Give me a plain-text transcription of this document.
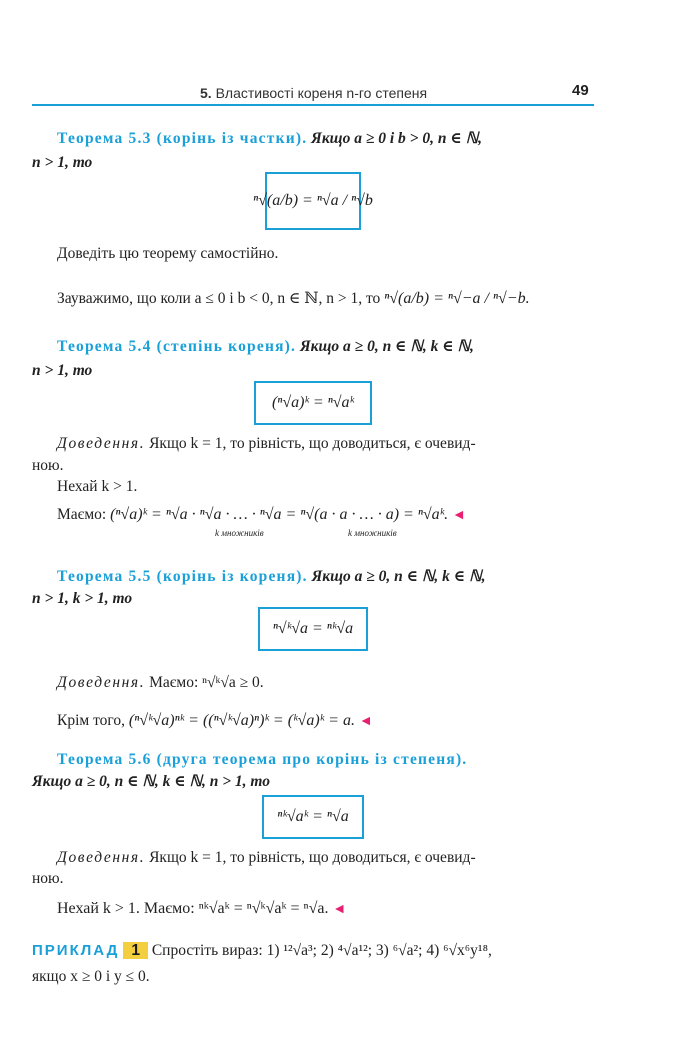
5. Властивості кореня n-го степеня	49
Теорема 5.3 (корінь із частки). Якщо a ≥ 0 і b > 0, n ∈ ℕ,
n > 1, то
ⁿ√(a/b) = ⁿ√a / ⁿ√b
Доведіть цю теорему самостійно.
Зауважимо, що коли a ≤ 0 і b < 0, n ∈ ℕ, n > 1, то ⁿ√(a/b) = ⁿ√−a / ⁿ√−b.
Теорема 5.4 (степінь кореня). Якщо a ≥ 0, n ∈ ℕ, k ∈ ℕ,
n > 1, то
(ⁿ√a)ᵏ = ⁿ√aᵏ
Доведення. Якщо k = 1, то рівність, що доводиться, є очевид-
ною.
Нехай k > 1.
Маємо: (ⁿ√a)ᵏ = ⁿ√a · ⁿ√a · … · ⁿ√a = ⁿ√(a · a · … · a) = ⁿ√aᵏ. ◄
k множників	k множників
Теорема 5.5 (корінь із кореня). Якщо a ≥ 0, n ∈ ℕ, k ∈ ℕ,
n > 1, k > 1, то
ⁿ√ᵏ√a = ⁿᵏ√a
Доведення. Маємо: ⁿ√ᵏ√a ≥ 0.
Крім того, (ⁿ√ᵏ√a)ⁿᵏ = ((ⁿ√ᵏ√a)ⁿ)ᵏ = (ᵏ√a)ᵏ = a. ◄
Теорема 5.6 (друга теорема про корінь із степеня).
Якщо a ≥ 0, n ∈ ℕ, k ∈ ℕ, n > 1, то
ⁿᵏ√aᵏ = ⁿ√a
Доведення. Якщо k = 1, то рівність, що доводиться, є очевид-
ною.
Нехай k > 1. Маємо: ⁿᵏ√aᵏ = ⁿ√ᵏ√aᵏ = ⁿ√a. ◄
ПРИКЛАД 1 Спростіть вираз: 1) ¹²√a³; 2) ⁴√a¹²; 3) ⁶√a²; 4) ⁶√x⁶y¹⁸,
якщо x ≥ 0 і y ≤ 0.
